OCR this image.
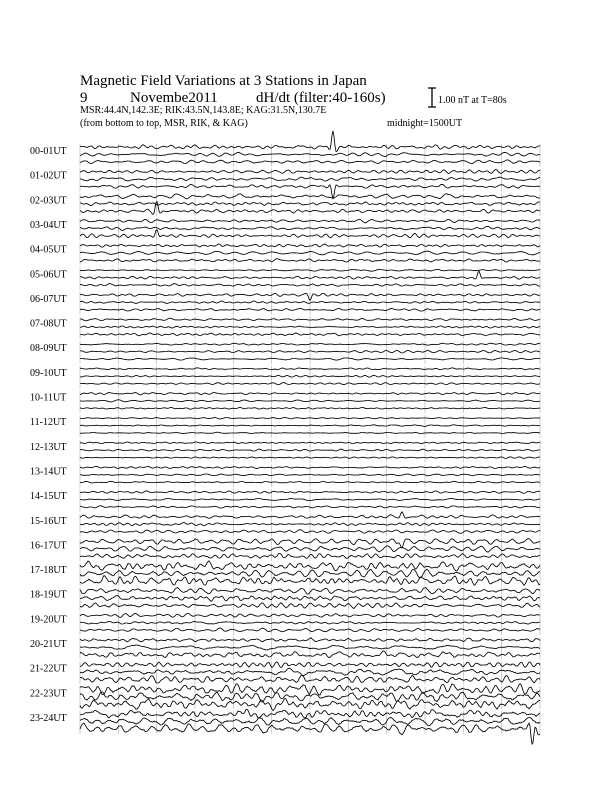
Magnetic Field Variations at 3 Stations in Japan
9	Novembe2011	dH/dt (filter:40-160s)
MSR:44.4N,142.3E; RIK:43.5N,143.8E; KAG:31.5N,130.7E
(from bottom to top, MSR, RIK, & KAG)	midnight=1500UT
1.00 nT at T=80s
00-01UT
01-02UT
02-03UT
03-04UT
04-05UT
05-06UT
06-07UT
07-08UT
08-09UT
09-10UT
10-11UT
11-12UT
12-13UT
13-14UT
14-15UT
15-16UT
16-17UT
17-18UT
18-19UT
19-20UT
20-21UT
21-22UT
22-23UT
23-24UT
